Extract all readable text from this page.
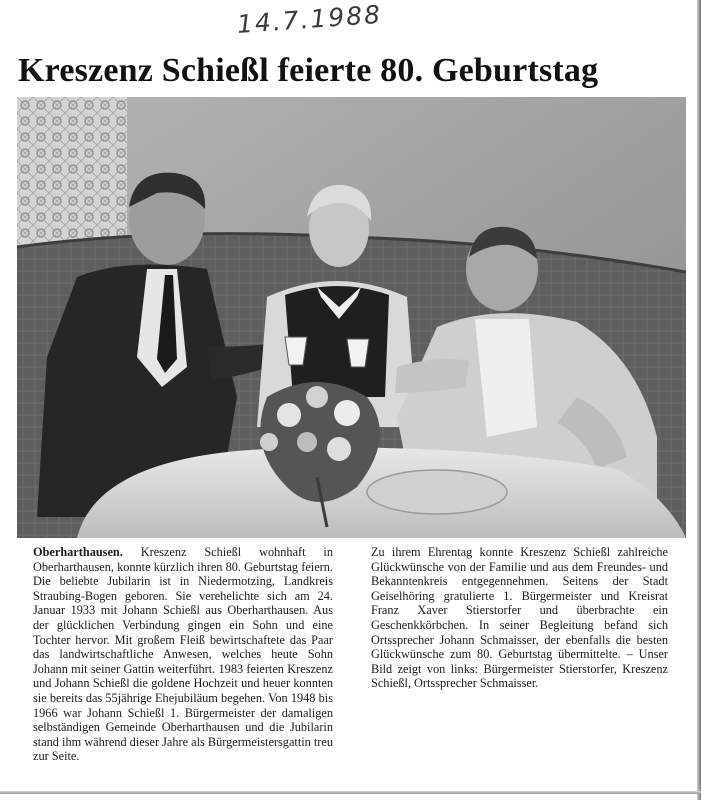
14.7.1988
Kreszenz Schießl feierte 80. Geburtstag
Oberharthausen. Kreszenz Schießl wohnhaft in Oberharthausen, konnte kürzlich ihren 80. Geburtstag feiern. Die beliebte Jubilarin ist in Niedermotzing, Landkreis Straubing-Bogen geboren. Sie verehelichte sich am 24. Januar 1933 mit Johann Schießl aus Oberharthausen. Aus der glücklichen Verbindung gingen ein Sohn und eine Tochter hervor. Mit großem Fleiß bewirtschaftete das Paar das landwirtschaftliche Anwesen, welches heute Sohn Johann mit seiner Gattin weiterführt. 1983 feierten Kreszenz und Johann Schießl die goldene Hochzeit und heuer konnten sie bereits das 55jährige Ehejubiläum begehen. Von 1948 bis 1966 war Johann Schießl 1. Bürgermeister der damaligen selbständigen Gemeinde Oberharthausen und die Jubilarin stand ihm während dieser Jahre als Bürgermeistersgattin treu zur Seite.
Zu ihrem Ehrentag konnte Kreszenz Schießl zahlreiche Glückwünsche von der Familie und aus dem Freundes- und Bekanntenkreis entgegennehmen. Seitens der Stadt Geiselhöring gratulierte 1. Bürgermeister und Kreisrat Franz Xaver Stierstorfer und überbrachte ein Geschenkkörbchen. In seiner Begleitung befand sich Ortssprecher Johann Schmaisser, der ebenfalls die besten Glückwünsche zum 80. Geburtstag übermittelte. – Unser Bild zeigt von links: Bürgermeister Stierstorfer, Kreszenz Schießl, Ortssprecher Schmaisser.
